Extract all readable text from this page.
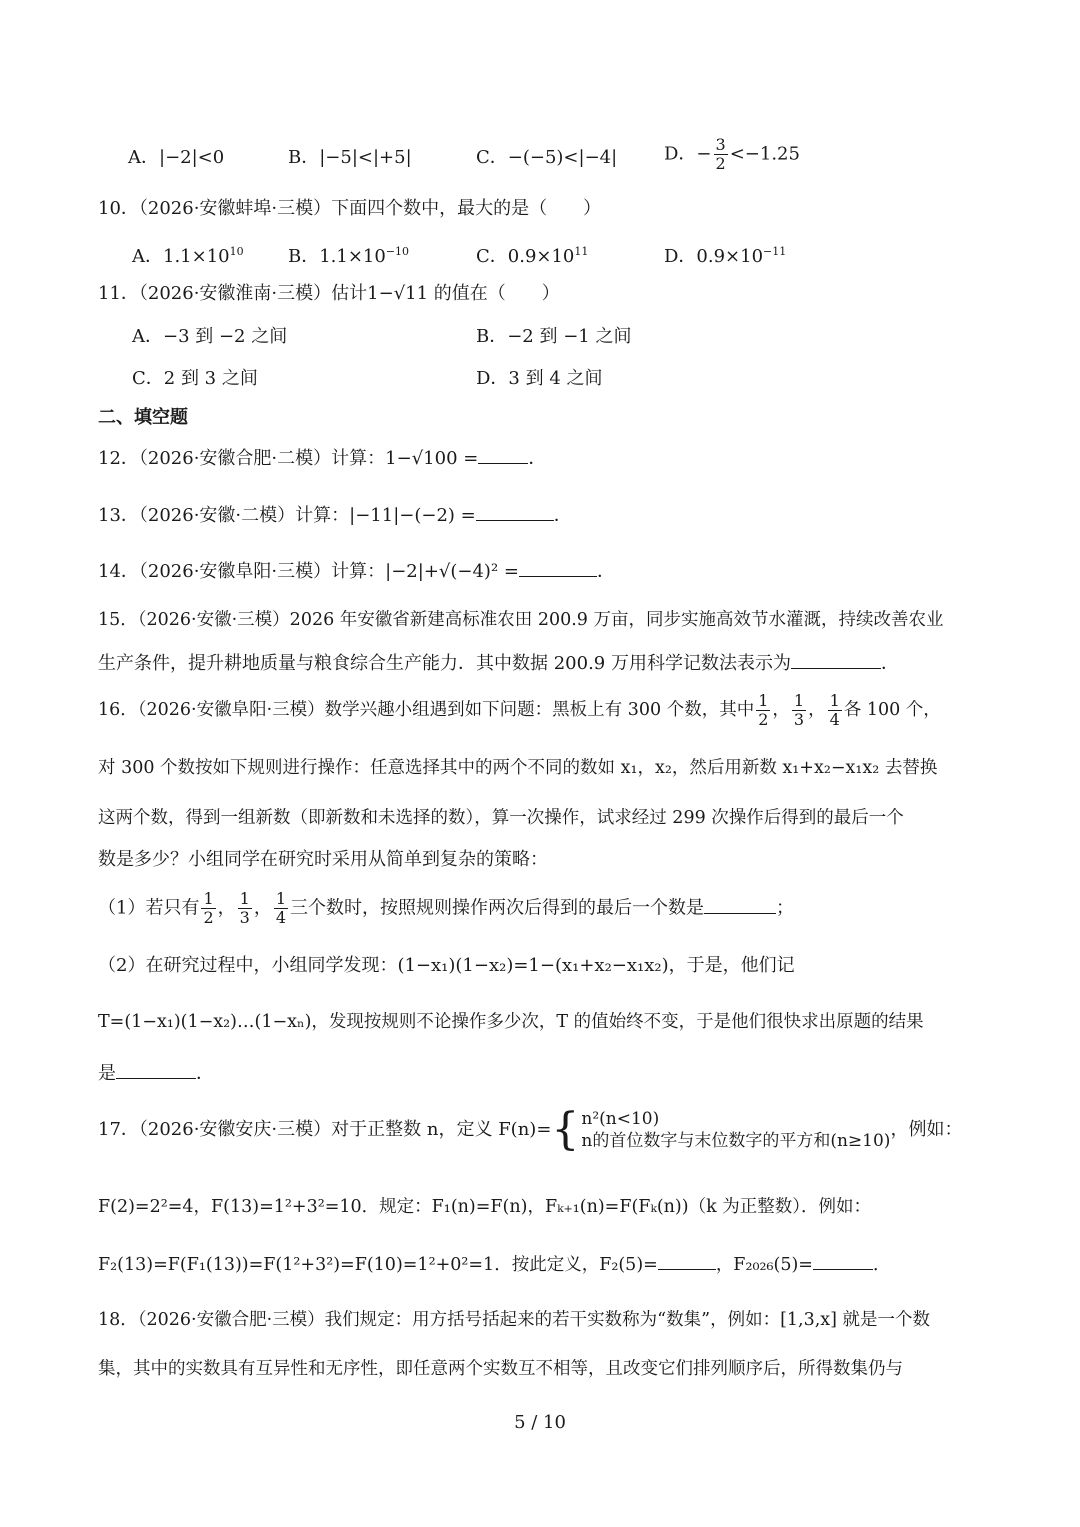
A．|−2|<0	B．|−5|<|+5|	C．−(−5)<|−4|	D．− $\frac{3}{2} <-1.25$
10．（2026·安徽蚌埠·三模）下面四个数中，最大的是（　　）
A．$1.1\times 10^{10}$ B．$1.1\times 10^{-10}$	C．$0.9\times 10^{11}$	D．$0.9\times 10^{-11}$
11．（2026·安徽淮南·三模）估计1−√11 的值在（　　）
A．−3 到 −2 之间	B．−2 到 −1 之间
C．2 到 3 之间	D．3 到 4 之间
二、填空题
12．（2026·安徽合肥·二模）计算：1−√100 =	．
13．（2026·安徽·二模）计算：|−11|−(−2) =	．
14．（2026·安徽阜阳·三模）计算：|−2|+√(−4)² =	．
15．（2026·安徽·三模）2026 年安徽省新建高标准农田 200.9 万亩，同步实施高效节水灌溉，持续改善农业
生产条件，提升耕地质量与粮食综合生产能力．其中数据 200.9 万用科学记数法表示为	．
16．（2026·安徽阜阳·三模）数学兴趣小组遇到如下问题：黑板上有 300 个数，其中 $\frac{1}{2}$ ， $\frac{1}{3}$ ， $\frac{1}{4}$ 各 100 个，
对 300 个数按如下规则进行操作：任意选择其中的两个不同的数如 x₁，x₂，然后用新数 x₁+x₂−x₁x₂ 去替换
这两个数，得到一组新数（即新数和未选择的数），算一次操作，试求经过 299 次操作后得到的最后一个
数是多少？小组同学在研究时采用从简单到复杂的策略：
（1）若只有 $\frac{1}{2}$ ， $\frac{1}{3}$ ， $\frac{1}{4}$ 三个数时，按照规则操作两次后得到的最后一个数是	；
（2）在研究过程中，小组同学发现：(1−x₁)(1−x₂)=1−(x₁+x₂−x₁x₂)，于是，他们记
T=(1−x₁)(1−x₂)…(1−xₙ)，发现按规则不论操作多少次，T 的值始终不变，于是他们很快求出原题的结果
是	．
17．（2026·安徽安庆·三模）对于正整数 n，定义 F(n)= { n²(n<10)
n的首位数字与末位数字的平方和(n≥10)
，例如：
F(2)=2²=4，F(13)=1²+3²=10．规定：F₁(n)=F(n)，Fₖ₊₁(n)=F(Fₖ(n))（k 为正整数）．例如：
F₂(13)=F(F₁(13))=F(1²+3²)=F(10)=1²+0²=1．按此定义，F₂(5)=	，F₂₀₂₆(5)=	．
18．（2026·安徽合肥·三模）我们规定：用方括号括起来的若干实数称为“数集”，例如：[1,3,x] 就是一个数
集，其中的实数具有互异性和无序性，即任意两个实数互不相等，且改变它们排列顺序后，所得数集仍与
5 / 10
